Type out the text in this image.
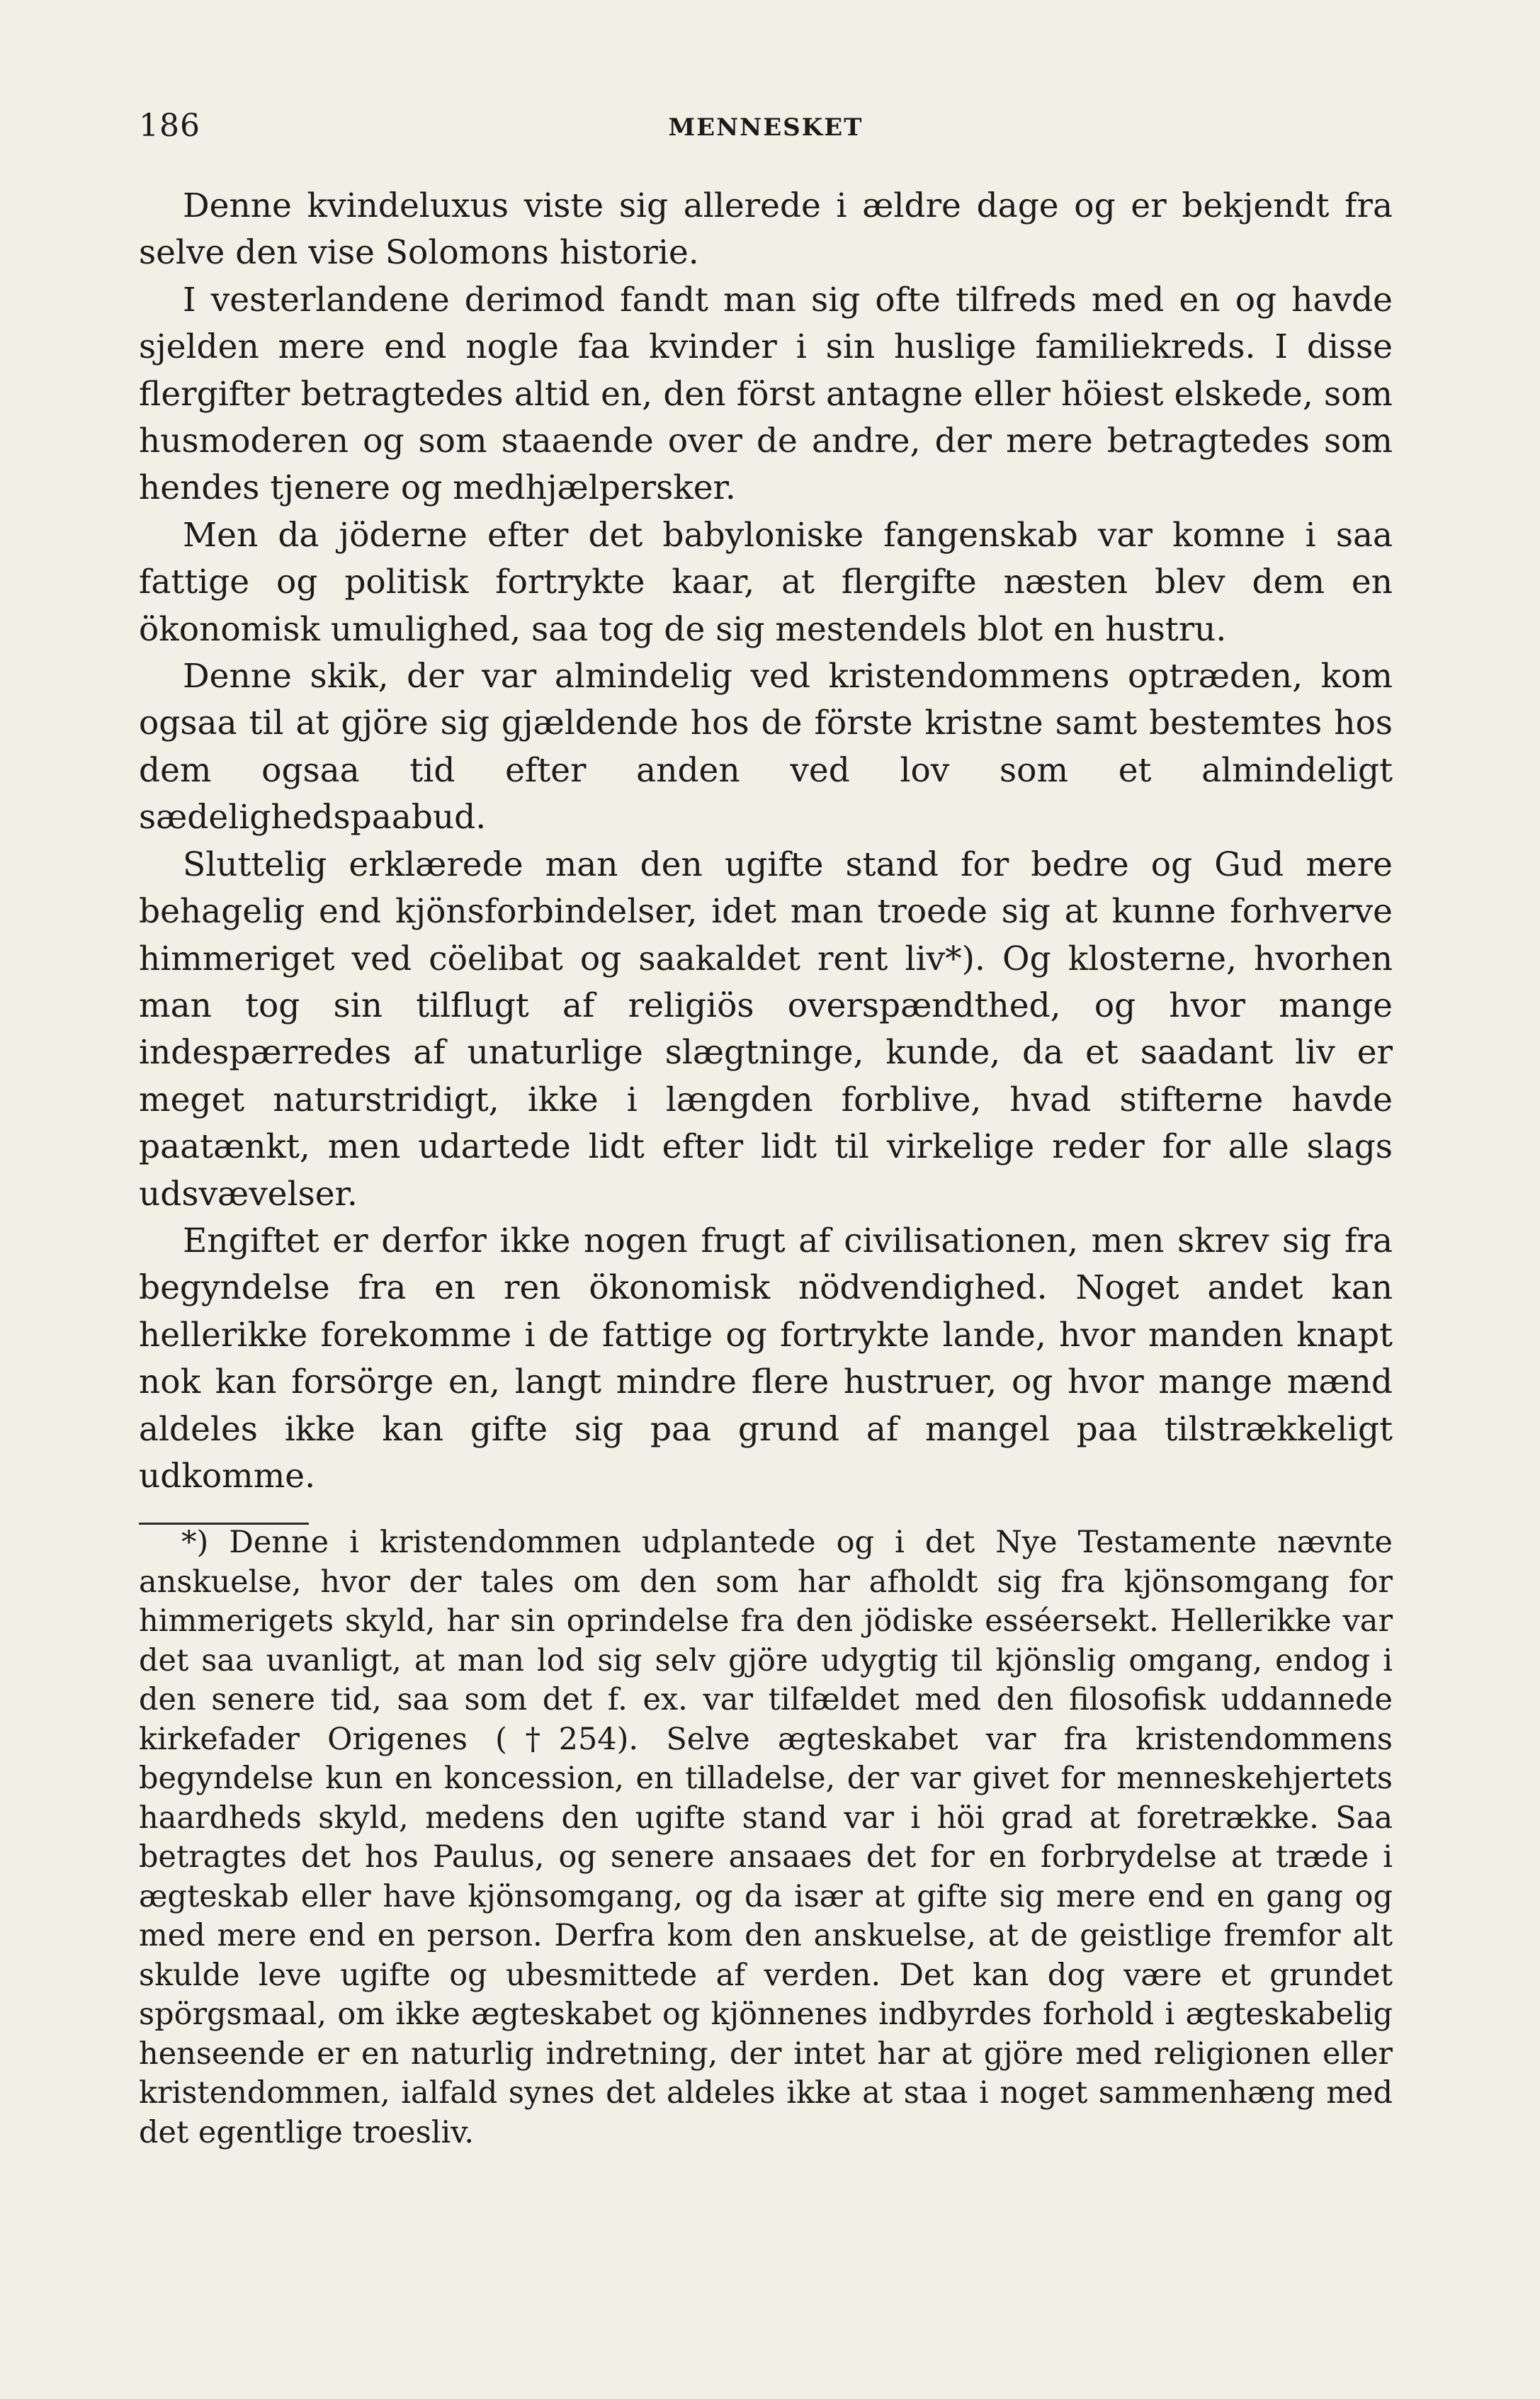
186	MENNESKET

Denne kvindeluxus viste sig allerede i ældre dage og er bekjendt fra selve den vise Solomons historie.

I vesterlandene derimod fandt man sig ofte tilfreds med en og havde sjelden mere end nogle faa kvinder i sin huslige familiekreds. I disse flergifter betragtedes altid en, den först antagne eller höiest elskede, som husmoderen og som staaende over de andre, der mere betragtedes som hendes tjenere og medhjælpersker.

Men da jöderne efter det babyloniske fangenskab var komne i saa fattige og politisk fortrykte kaar, at flergifte næsten blev dem en ökonomisk umulighed, saa tog de sig mestendels blot en hustru.

Denne skik, der var almindelig ved kristendommens optræden, kom ogsaa til at gjöre sig gjældende hos de förste kristne samt bestemtes hos dem ogsaa tid efter anden ved lov som et almindeligt sædelighedspaabud.

Sluttelig erklærede man den ugifte stand for bedre og Gud mere behagelig end kjönsforbindelser, idet man troede sig at kunne forhverve himmeriget ved cöelibat og saakaldet rent liv*). Og klosterne, hvorhen man tog sin tilflugt af religiös overspændthed, og hvor mange indespærredes af unaturlige slægtninge, kunde, da et saadant liv er meget naturstridigt, ikke i længden forblive, hvad stifterne havde paatænkt, men udartede lidt efter lidt til virkelige reder for alle slags udsvævelser.

Engiftet er derfor ikke nogen frugt af civilisationen, men skrev sig fra begyndelse fra en ren ökonomisk nödvendighed. Noget andet kan hellerikke forekomme i de fattige og fortrykte lande, hvor manden knapt nok kan forsörge en, langt mindre flere hustruer, og hvor mange mænd aldeles ikke kan gifte sig paa grund af mangel paa tilstrækkeligt udkomme.

*) Denne i kristendommen udplantede og i det Nye Testamente nævnte anskuelse, hvor der tales om den som har afholdt sig fra kjönsomgang for himmerigets skyld, har sin oprindelse fra den jödiske esséersekt. Hellerikke var det saa uvanligt, at man lod sig selv gjöre udygtig til kjönslig omgang, endog i den senere tid, saa som det f. ex. var tilfældet med den filosofisk uddannede kirkefader Origenes (†254). Selve ægteskabet var fra kristendommens begyndelse kun en koncession, en tilladelse, der var givet for menneskehjertets haardheds skyld, medens den ugifte stand var i höi grad at foretrække. Saa betragtes det hos Paulus, og senere ansaaes det for en forbrydelse at træde i ægteskab eller have kjönsomgang, og da især at gifte sig mere end en gang og med mere end en person. Derfra kom den anskuelse, at de geistlige fremfor alt skulde leve ugifte og ubesmittede af verden. Det kan dog være et grundet spörgsmaal, om ikke ægteskabet og kjönnenes indbyrdes forhold i ægteskabelig henseende er en naturlig indretning, der intet har at gjöre med religionen eller kristendommen, ialfald synes det aldeles ikke at staa i noget sammenhæng med det egentlige troesliv.
